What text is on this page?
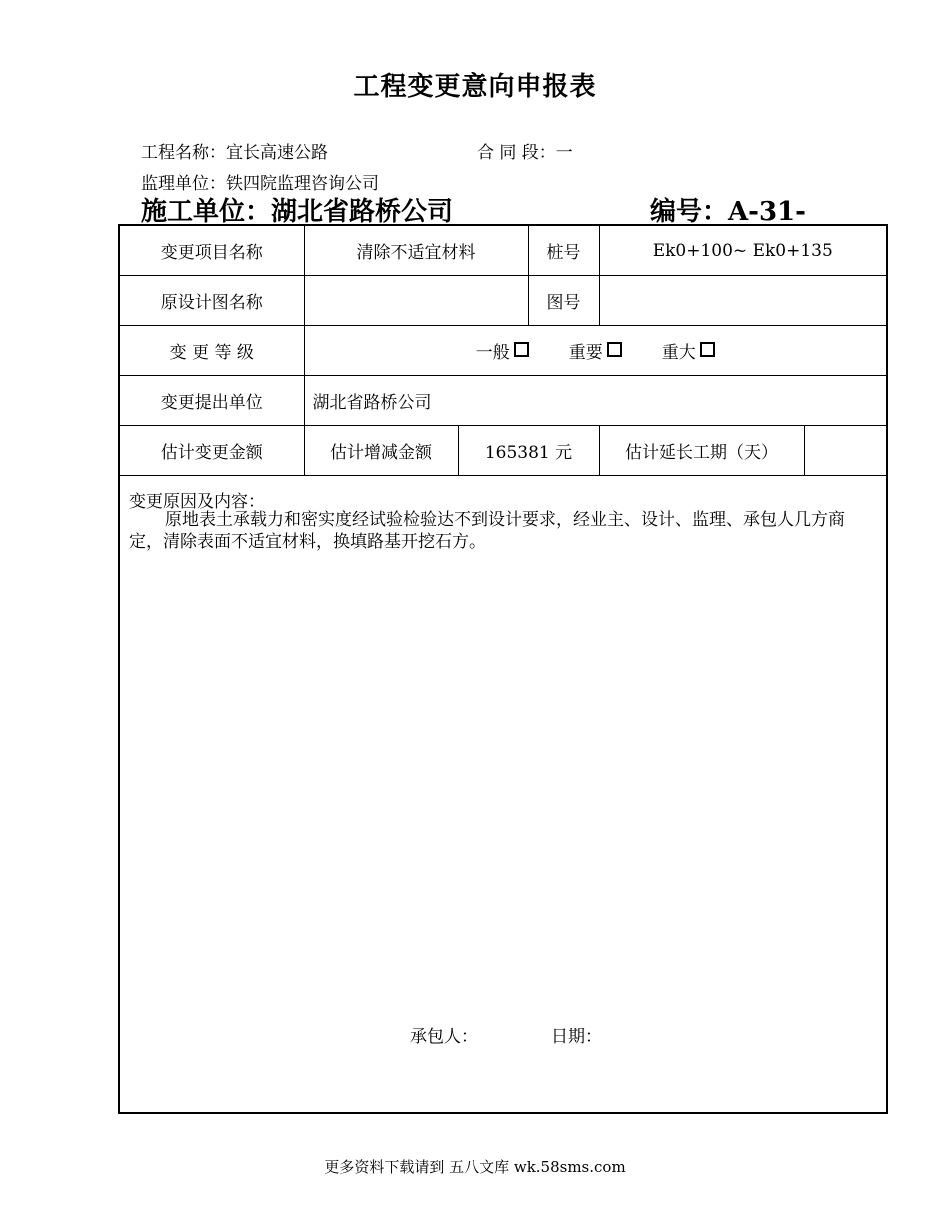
工程变更意向申报表
工程名称：宜长高速公路	合 同 段：一
监理单位：铁四院监理咨询公司
施工单位：湖北省路桥公司	编号：A-31-
变更项目名称	清除不适宜材料		桩号	Ek0+100~ Ek0+135	
原设计图名称			图号		
变 更 等 级	一般 重要 重大				
变更提出单位	湖北省路桥公司				
估计变更金额	估计增减金额	165381 元		估计延长工期（天）	

变更原因及内容：
原地表土承载力和密实度经试验检验达不到设计要求，经业主、设计、监理、承包人几方商定，清除表面不适宜材料，换填路基开挖石方。
承包人： 日期：					
更多资料下载请到 五八文库 wk.58sms.com
